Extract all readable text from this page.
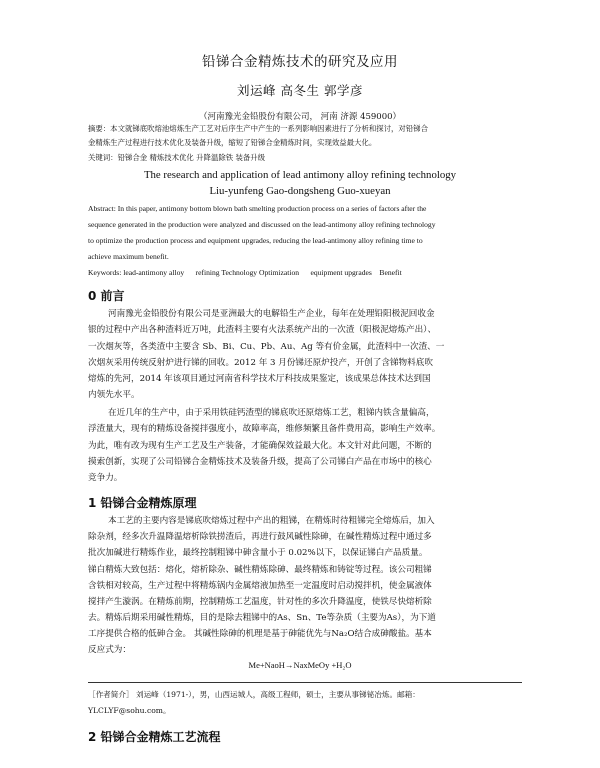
铅锑合金精炼技术的研究及应用
刘运峰 高冬生 郭学彦
（河南豫光金铅股份有限公司， 河南 济源 459000）
摘要：本文就锑底吹熔池熔炼生产工艺对后序生产中产生的一系列影响因素进行了分析和探讨，对铅锑合
金精炼生产过程进行技术优化及装备升级，缩短了铅锑合金精炼时间，实现效益最大化。
关键词：铅锑合金 精炼技术优化 升降温除铁 装备升级
The research and application of lead antimony alloy refining technology
Liu-yunfeng Gao-dongsheng Guo-xueyan
Abstract: In this paper, antimony bottom blown bath smelting production process on a series of factors after the
sequence generated in the production were analyzed and discussed on the lead-antimony alloy refining technology
to optimize the production process and equipment upgrades, reducing the lead-antimony alloy refining time to
achieve maximum benefit.
Keywords: lead-antimony alloy      refining Technology Optimization      equipment upgrades    Benefit
0 前言
河南豫光金铅股份有限公司是亚洲最大的电解铅生产企业，每年在处理铅阳极泥回收金
银的过程中产出各种渣料近万吨，此渣料主要有火法系统产出的一次渣（阳极泥熔炼产出）、
一次烟灰等，各类渣中主要含 Sb、Bi、Cu、Pb、Au、Ag 等有价金属，此渣料中一次渣、一
次烟灰采用传统反射炉进行锑的回收。2012 年 3 月份锑还原炉投产，开创了含锑物料底吹
熔炼的先河，2014 年该项目通过河南省科学技术厅科技成果鉴定，该成果总体技术达到国
内领先水平。
在近几年的生产中，由于采用铁硅钙渣型的锑底吹还原熔炼工艺，粗锑内铁含量偏高，
浮渣量大，现有的精炼设备搅拌强度小，故障率高，维修频繁且备件费用高，影响生产效率。
为此，唯有改为现有生产工艺及生产装备，才能确保效益最大化。本文针对此问题，不断的
摸索创新，实现了公司铅锑合金精炼技术及装备升级，提高了公司锑白产品在市场中的核心
竞争力。
1 铅锑合金精炼原理
本工艺的主要内容是锑底吹熔炼过程中产出的粗锑，在精炼时待粗锑完全熔炼后，加入
除杂剂，经多次升温降温熔析除铁捞渣后，再进行鼓风碱性除砷，在碱性精炼过程中通过多
批次加碱进行精炼作业，最终控制粗锑中砷含量小于 0.02%以下，以保证锑白产品质量。
锑白精炼大致包括：熔化，熔析除杂、碱性精炼除砷、最终精炼和铸锭等过程。该公司粗锑
含铁相对较高，生产过程中将精炼锅内金属熔液加热至一定温度时启动搅拌机，使金属液体
搅拌产生漩涡。在精炼前期，控制精炼工艺温度，针对性的多次升降温度，使铁尽快熔析除
去。精炼后期采用碱性精炼，目的是除去粗锑中的As、Sn、Te等杂质（主要为As），为下道
工序提供合格的低砷合金。 其碱性除砷的机理是基于砷能优先与Na₂O结合成砷酸盐。基本
反应式为：
Me+NaoH→NaxMeOy +H₂O
［作者简介］ 刘运峰（1971-），男，山西运城人，高级工程师，硕士，主要从事锑铋冶炼。邮箱：
YLCLYF@sohu.com。
2 铅锑合金精炼工艺流程
